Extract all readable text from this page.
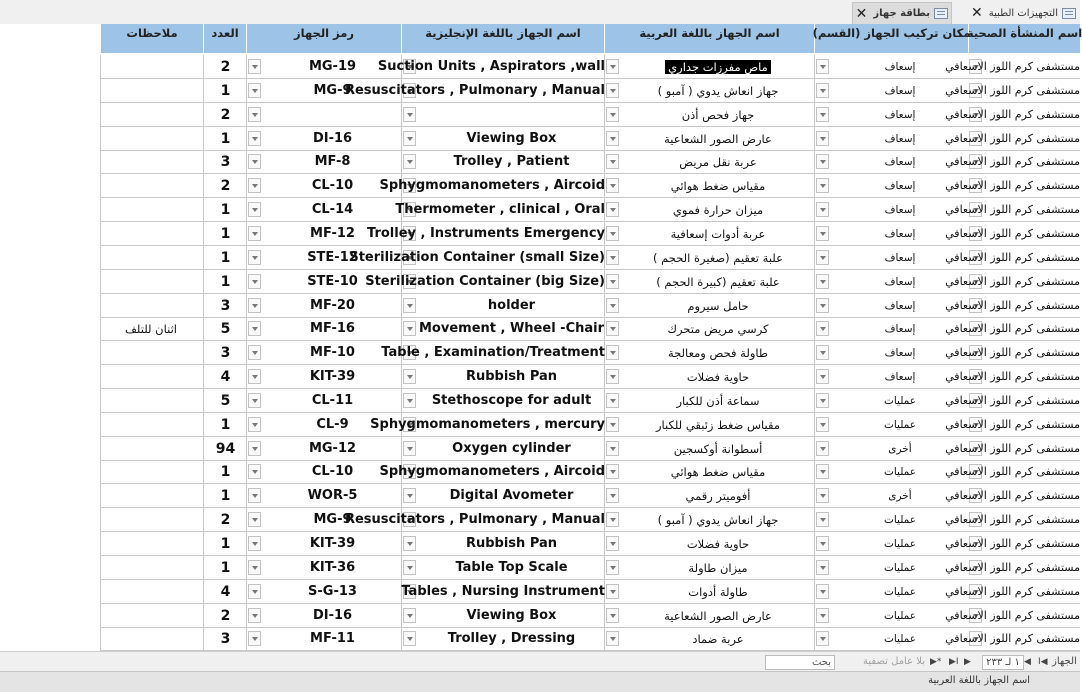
التجهيزات الطبية
✕
بطاقة جهاز
✕
اسم المنشأة الصحية
مكان تركيب الجهاز (القسم)
اسم الجهاز باللغة العربية
اسم الجهاز باللغة الإنجليزية
رمز الجهاز
العدد
ملاحظات
مستشفى كرم اللوز الاسعافي
إسعاف
ماص مفرزات جداري
Suction Units , Aspirators ,wall
MG-19
2
مستشفى كرم اللوز الاسعافي
إسعاف
جهاز انعاش يدوي ( آمبو )
Resuscitators , Pulmonary , Manual
MG-9
1
مستشفى كرم اللوز الاسعافي
إسعاف
جهاز فحص أذن
2
مستشفى كرم اللوز الاسعافي
إسعاف
عارض الصور الشعاعية
Viewing Box
DI-16
1
مستشفى كرم اللوز الاسعافي
إسعاف
عربة نقل مريض
Trolley , Patient
MF-8
3
مستشفى كرم اللوز الاسعافي
إسعاف
مقياس ضغط هوائي
Sphygmomanometers , Aircoid
CL-10
2
مستشفى كرم اللوز الاسعافي
إسعاف
ميزان حرارة فموي
Thermometer , clinical , Oral
CL-14
1
مستشفى كرم اللوز الاسعافي
إسعاف
عربة أدوات إسعافية
Trolley , Instruments Emergency
MF-12
1
مستشفى كرم اللوز الاسعافي
إسعاف
علبة تعقيم (صغيرة الحجم )
Sterilization Container (small Size)
STE-12
1
مستشفى كرم اللوز الاسعافي
إسعاف
علبة تعقيم (كبيرة الحجم )
Sterilization Container (big Size)
STE-10
1
مستشفى كرم اللوز الاسعافي
إسعاف
حامل سيروم
holder
MF-20
3
مستشفى كرم اللوز الاسعافي
إسعاف
كرسي مريض متحرك
Movement , Wheel -Chair
MF-16
5
اثنان للتلف
مستشفى كرم اللوز الاسعافي
إسعاف
طاولة فحص ومعالجة
Table , Examination/Treatment
MF-10
3
مستشفى كرم اللوز الاسعافي
إسعاف
حاوية فضلات
Rubbish Pan
KIT-39
4
مستشفى كرم اللوز الاسعافي
عمليات
سماعة أذن للكبار
Stethoscope for adult
CL-11
5
مستشفى كرم اللوز الاسعافي
عمليات
مقياس ضغط زئبقي للكبار
Sphygmomanometers , mercury
CL-9
1
مستشفى كرم اللوز الاسعافي
أخرى
أسطوانة أوكسجين
Oxygen cylinder
MG-12
94
مستشفى كرم اللوز الاسعافي
عمليات
مقياس ضغط هوائي
Sphygmomanometers , Aircoid
CL-10
1
مستشفى كرم اللوز الاسعافي
أخرى
أفوميتر رقمي
Digital Avometer
WOR-5
1
مستشفى كرم اللوز الاسعافي
عمليات
جهاز انعاش يدوي ( آمبو )
Resuscitators , Pulmonary , Manual
MG-9
2
مستشفى كرم اللوز الاسعافي
عمليات
حاوية فضلات
Rubbish Pan
KIT-39
1
مستشفى كرم اللوز الاسعافي
عمليات
ميزان طاولة
Table Top Scale
KIT-36
1
مستشفى كرم اللوز الاسعافي
عمليات
طاولة أدوات
Tables , Nursing Instrument
S-G-13
4
مستشفى كرم اللوز الاسعافي
عمليات
عارض الصور الشعاعية
Viewing Box
DI-16
2
مستشفى كرم اللوز الاسعافي
عمليات
عربة ضماد
Trolley , Dressing
MF-11
3
الجهاز
I◀
◀
١ لـ ٢٣٣
▶
▶I
▶*
بلا عامل تصفية
بحث
اسم الجهاز باللغة العربية
